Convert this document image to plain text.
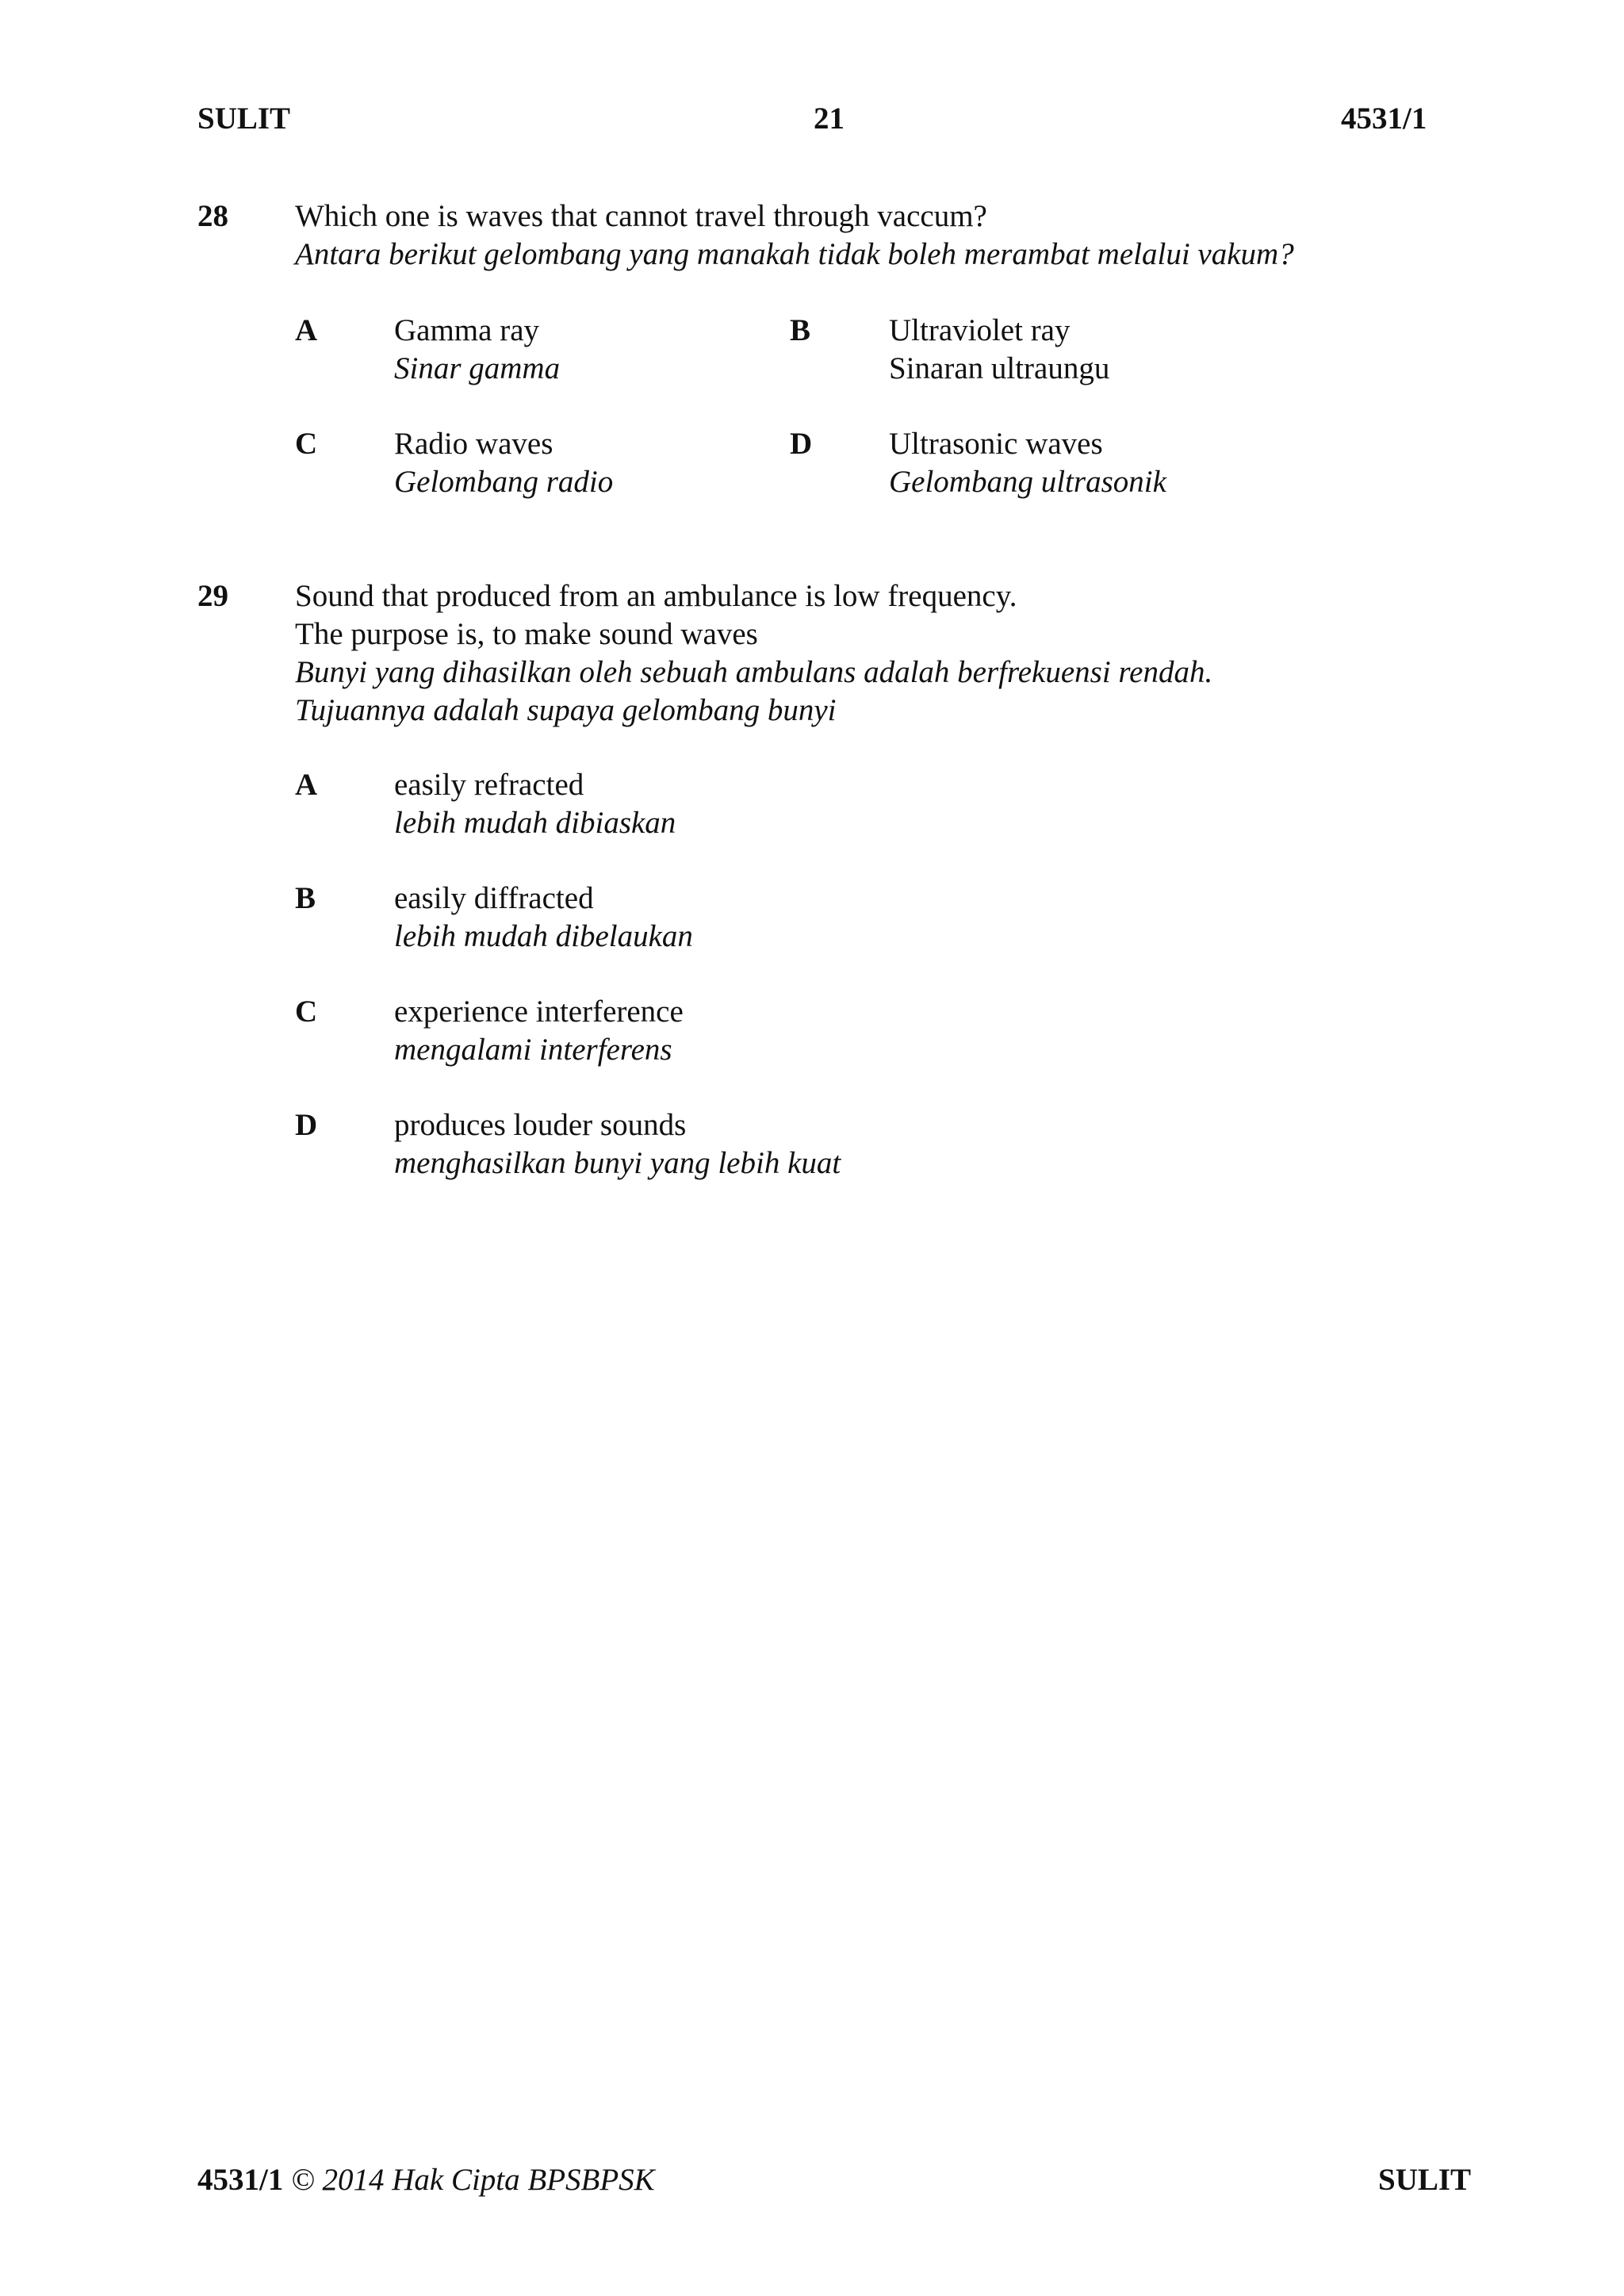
SULIT	21	4531/1
28 Which one is waves that cannot travel through vaccum?
Antara berikut gelombang yang manakah tidak boleh merambat melalui vakum?
A Gamma ray
Sinar gamma
B	Ultraviolet ray
Sinaran ultraungu
C Radio waves
Gelombang radio
D Ultrasonic waves
Gelombang ultrasonik
29 Sound that produced from an ambulance is low frequency.
The purpose is, to make sound waves
Bunyi yang dihasilkan oleh sebuah ambulans adalah berfrekuensi rendah.
Tujuannya adalah supaya gelombang bunyi
A easily refracted
lebih mudah dibiaskan
B	easily diffracted
lebih mudah dibelaukan
C experience interference
mengalami interferens
D produces louder sounds
menghasilkan bunyi yang lebih kuat
4531/1 © 2014 Hak Cipta BPSBPSK	SULIT
